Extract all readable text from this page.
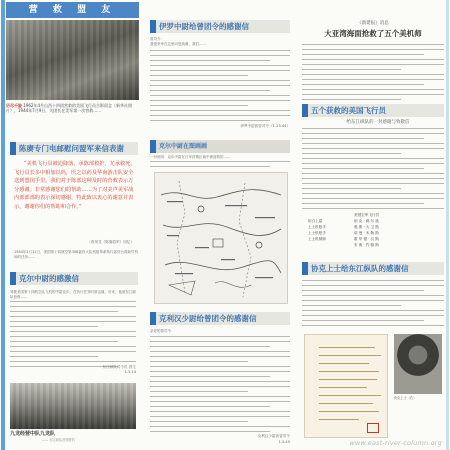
营 救 盟 友
历尽千险 1962年4月山西十四团营救的美国飞行员合影留念（新华社照片），1944年7月9日，关团长在美军第一次营救……
陈赓专门电邮慰问盟军来信表谢
“美机飞行员被迫降落，承陈部救护，尤承救死、飞行员长多中相加以吗，医之以药及华南游击队安全送到盟国手里。我们对于陈部这种及时的营救表示万分感谢。非常感谢您们的帮助……为了对美声美军战内部部部的表示深切感谢，特此致以衷心的谢意并表示，谢谢你们的帮助和合作。”
（蒋荣龙《陈赓将军》回忆）
1944年2月11日，美国第十四航空第308轰炸大队机组奉命执行轰炸台湾新竹机场的任务……
克尔中尉的感激信
驾驶美国第十四航空队飞机的中尉克尔，在执行任务时被击落，后来，他被东江纵队营救……
东江纵队司令员 曾生
1.3.14
九龙经营中队九龙队
—— 东江纵队旧照资料
伊罗中尉给曾团令的感谢信
曾司令：
我很荣幸在这里向您致谢，我们……
伊罗中尉致曾司令（1.23.44）
克尔中尉在图画画
一份说明：克尔中尉在日军封锁区域中被营救的……
克利汉少尉给曾团令的感谢信
亲爱的曾司令：
克利汉少尉致曾司令
1.3.45
《新建报》消息
大亚湾海面抢救了五个美机师
五个获救的美国飞行员
给东江纵队的一封感谢与致敬信
美国空军飞行员
坦 克 · 威 尔 逊
奥 斯 · 大 卫 斯
诺 曼 · 米 勒 斯
霍 华 德 · 汉 斯
布 朗 · 约 翰 斯
坦白上尉
上士机枪手
上士机枪手
上士机械师
协克上士给东江纵队的感谢信
协克上士（右）
www.east-river-column.org
